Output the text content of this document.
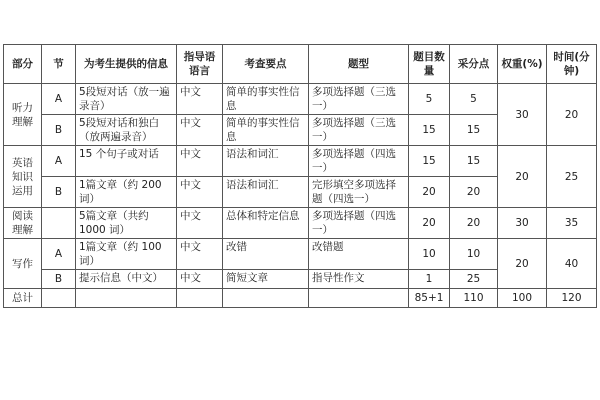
部分	节	为考生提供的信息	指导语语言	考查要点	题型	题目数量	采分点	权重(%)	时间(分钟)
听力理解	A	5段短对话（放一遍录音）	中文	简单的事实性信息	多项选择题（三选一）	5	5	30	20
	B	5段短对话和独白（放两遍录音）	中文	简单的事实性信息	多项选择题（三选一）	15	15		
英语知识运用	A	15 个句子或对话	中文	语法和词汇	多项选择题（四选一）	15	15	20	25
	B	1篇文章（约 200 词）	中文	语法和词汇	完形填空多项选择题（四选一）	20	20		
阅读理解		5篇文章（共约 1000 词）	中文	总体和特定信息	多项选择题（四选一）	20	20	30	35
写作	A	1篇文章（约 100 词）	中文	改错	改错题	10	10	20	40
	B	提示信息（中文）	中文	简短文章	指导性作文	1	25		
总计						85+1	110	100	120
